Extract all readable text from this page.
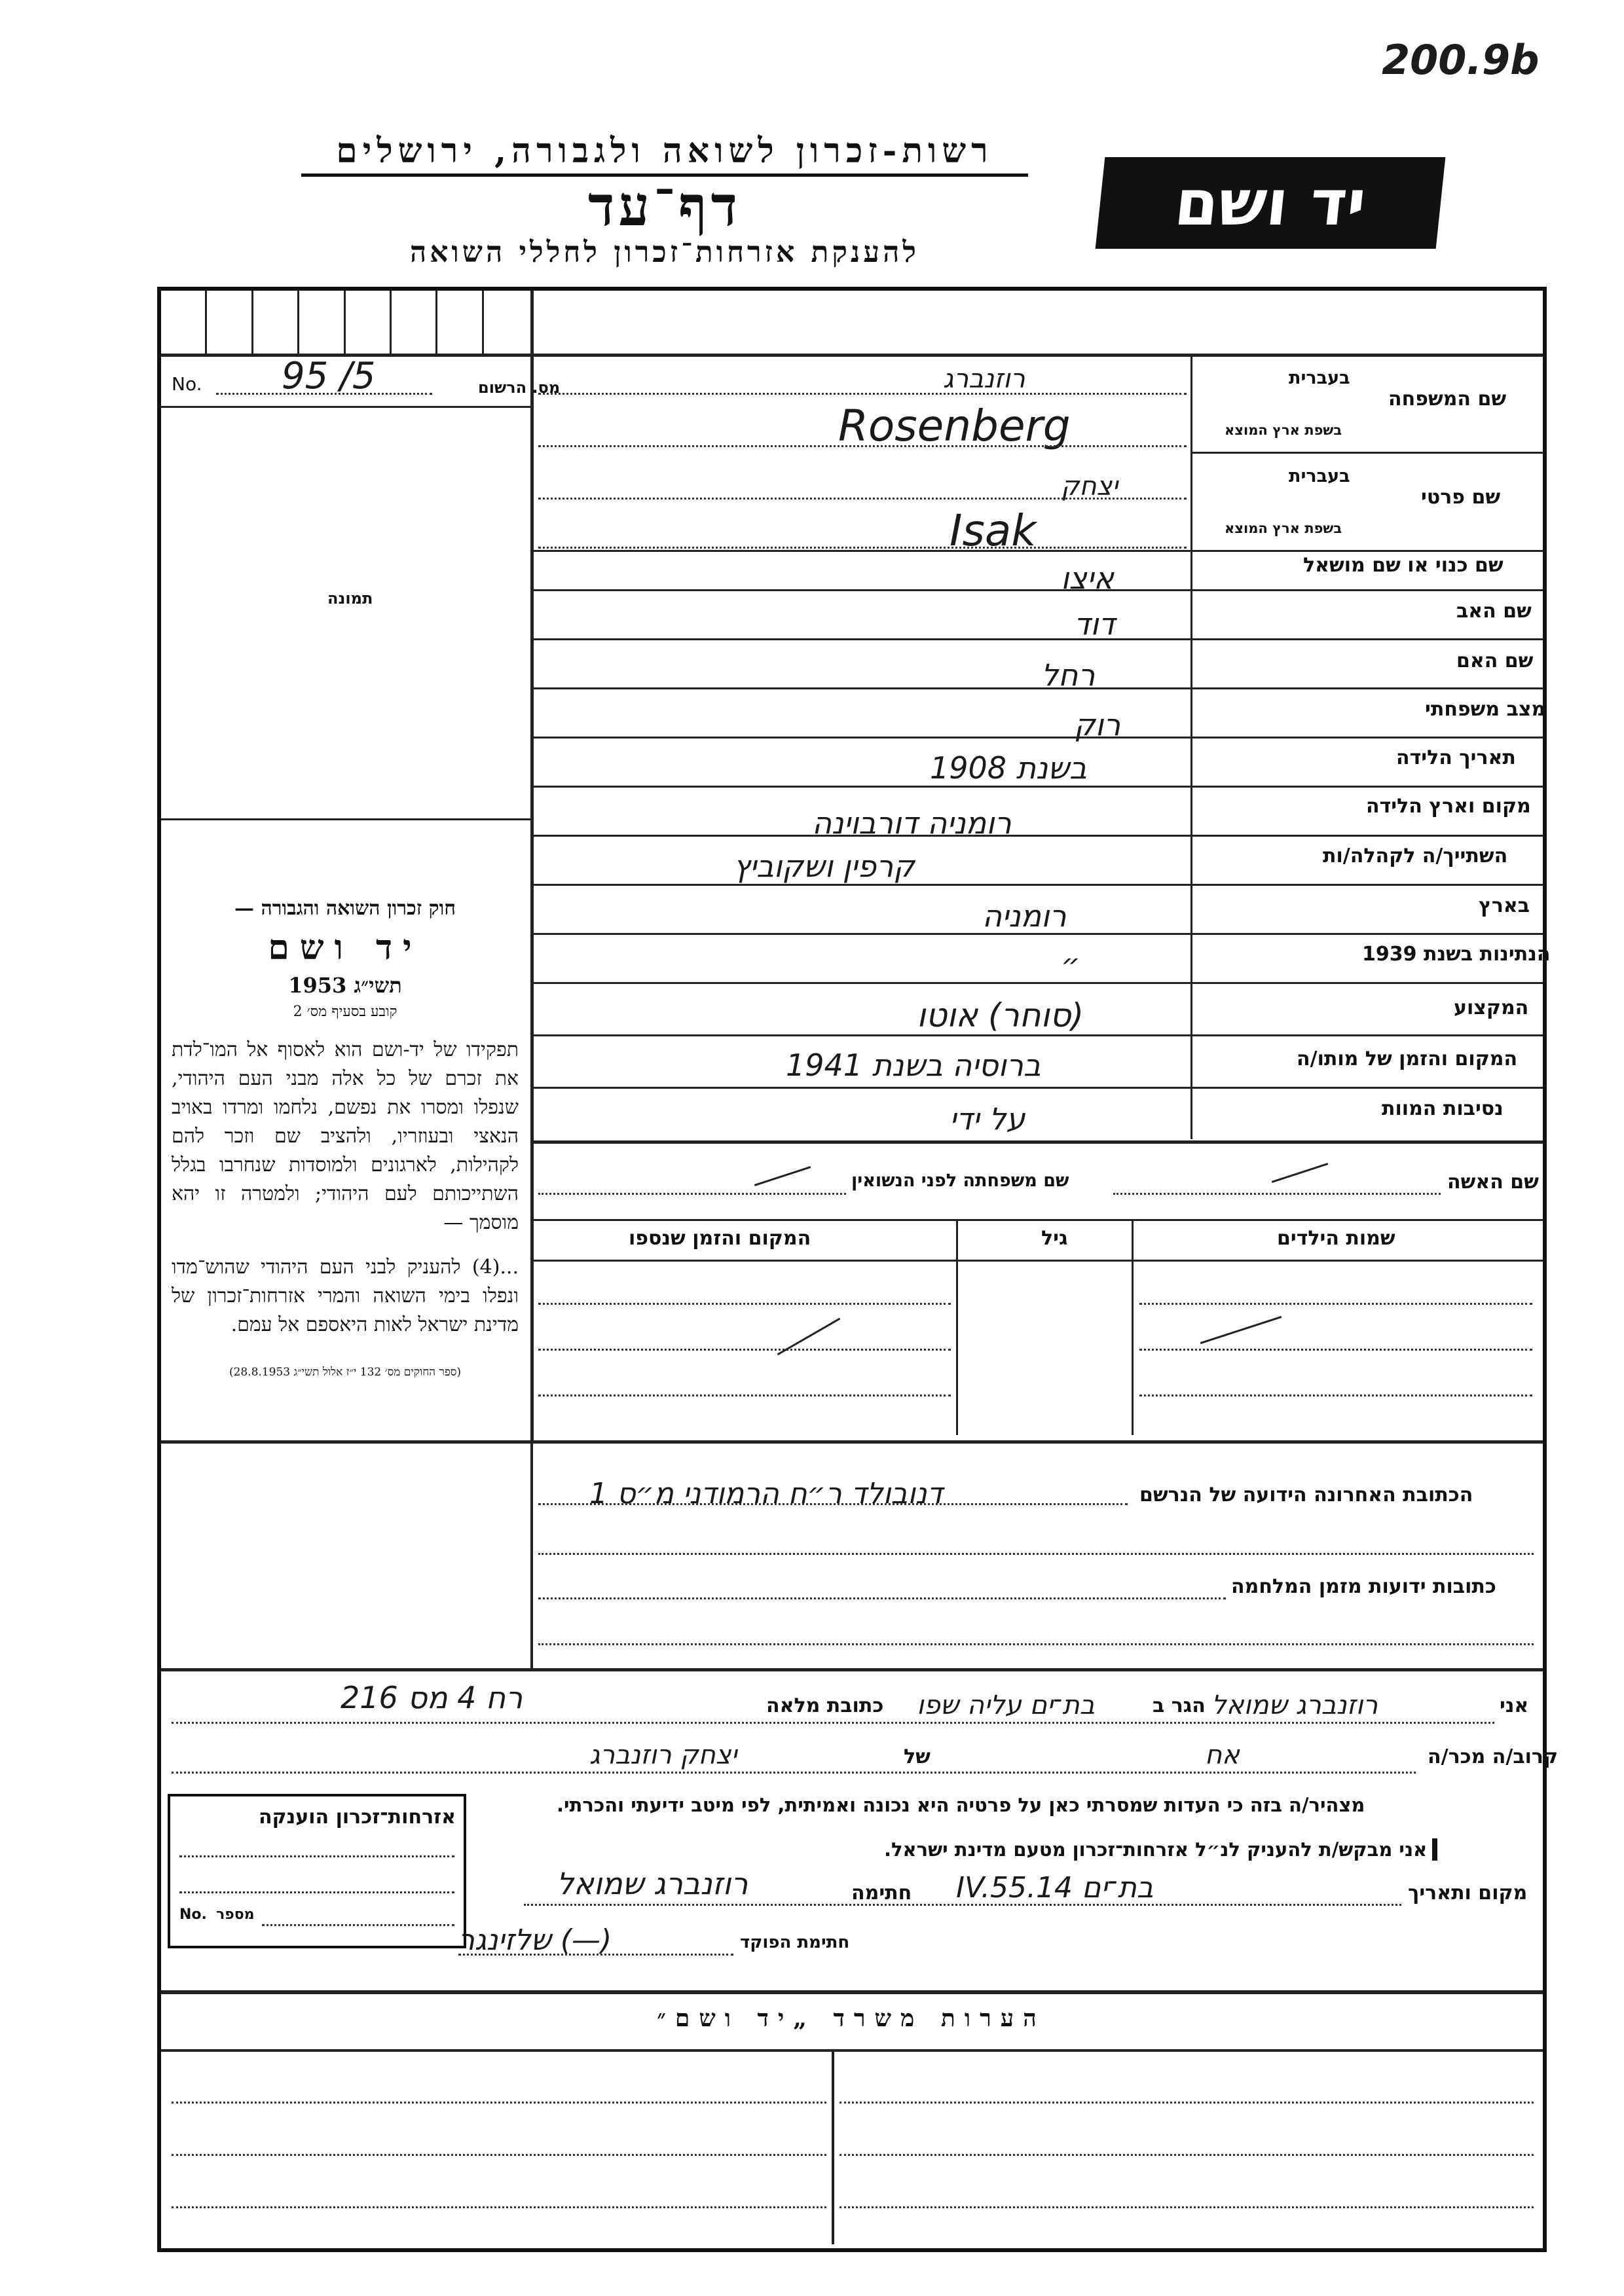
200.9b
רשות-זכרון לשואה ולגבורה, ירושלים
דף־עד
להענקת אזרחות־זכרון לחללי השואה
יד ושם
מס. הרשום
No. 95 /5
תמונה
חוק זכרון השואה והגבורה —
יד ושם
תשי״ג 1953
קובע בסעיף מס׳ 2
תפקידו של יד-ושם הוא לאסוף אל המו־לדת את זכרם של כל אלה מבני העם היהודי, שנפלו ומסרו את נפשם, נלחמו ומרדו באויב הנאצי ובעוזריו, ולהציב שם וזכר להם לקהילות, לארגונים ולמוסדות שנחרבו בגלל השתייכותם לעם היהודי; ולמטרה זו יהא מוסמך —
...(4) להעניק לבני העם היהודי שהוש־מדו ונפלו בימי השואה והמרי אזרחות־זכרון של מדינת ישראל לאות היאספם אל עמם.
(ספר החוקים מס׳ 132 י״ז אלול תשי״ג 28.8.1953)
שם המשפחה
בעברית
בשפת ארץ המוצא
רוזנברג
Rosenberg
שם פרטי
בעברית
בשפת ארץ המוצא
יצחק
Isak
שם כנוי או שם מושאל
איצו
שם האב
דוד
שם האם
רחל
מצב משפחתי
רוק
תאריך הלידה
בשנת 1908
מקום וארץ הלידה
רומניה דורבוינה
השתייך/ה לקהלה/ות
קרפין ושקוביץ
בארץ
רומניה
הנתינות בשנת 1939
״
המקצוע
(סוחר) אוטו
המקום והזמן של מותו/ה
ברוסיה בשנת 1941
נסיבות המוות
על ידי
שם האשה
שם משפחתה לפני הנשואין
שמות הילדים
גיל
המקום והזמן שנספו
הכתובת האחרונה הידועה של הנרשם
דנובולד ר״ח הרמודני מ״ס 1
כתובות ידועות מזמן המלחמה
אני
רוזנברג שמואל
הגר ב
בת־ים עליה שפו
כתובת מלאה
רח 4 מס 216
קרוב/ה מכר/ה
אח
של
יצחק רוזנברג
מצהיר/ה בזה כי העדות שמסרתי כאן על פרטיה היא נכונה ואמיתית, לפי מיטב ידיעתי והכרתי.
אני מבקש/ת להעניק לנ״ל אזרחות־זכרון מטעם מדינת ישראל.
מקום ותאריך
בת־ים 14.IV.55
חתימה
רוזנברג שמואל
חתימת הפוקד
(—) שלזינגר
אזרחות־זכרון הוענקה
מספר
No.
הערות משרד „יד ושם״
